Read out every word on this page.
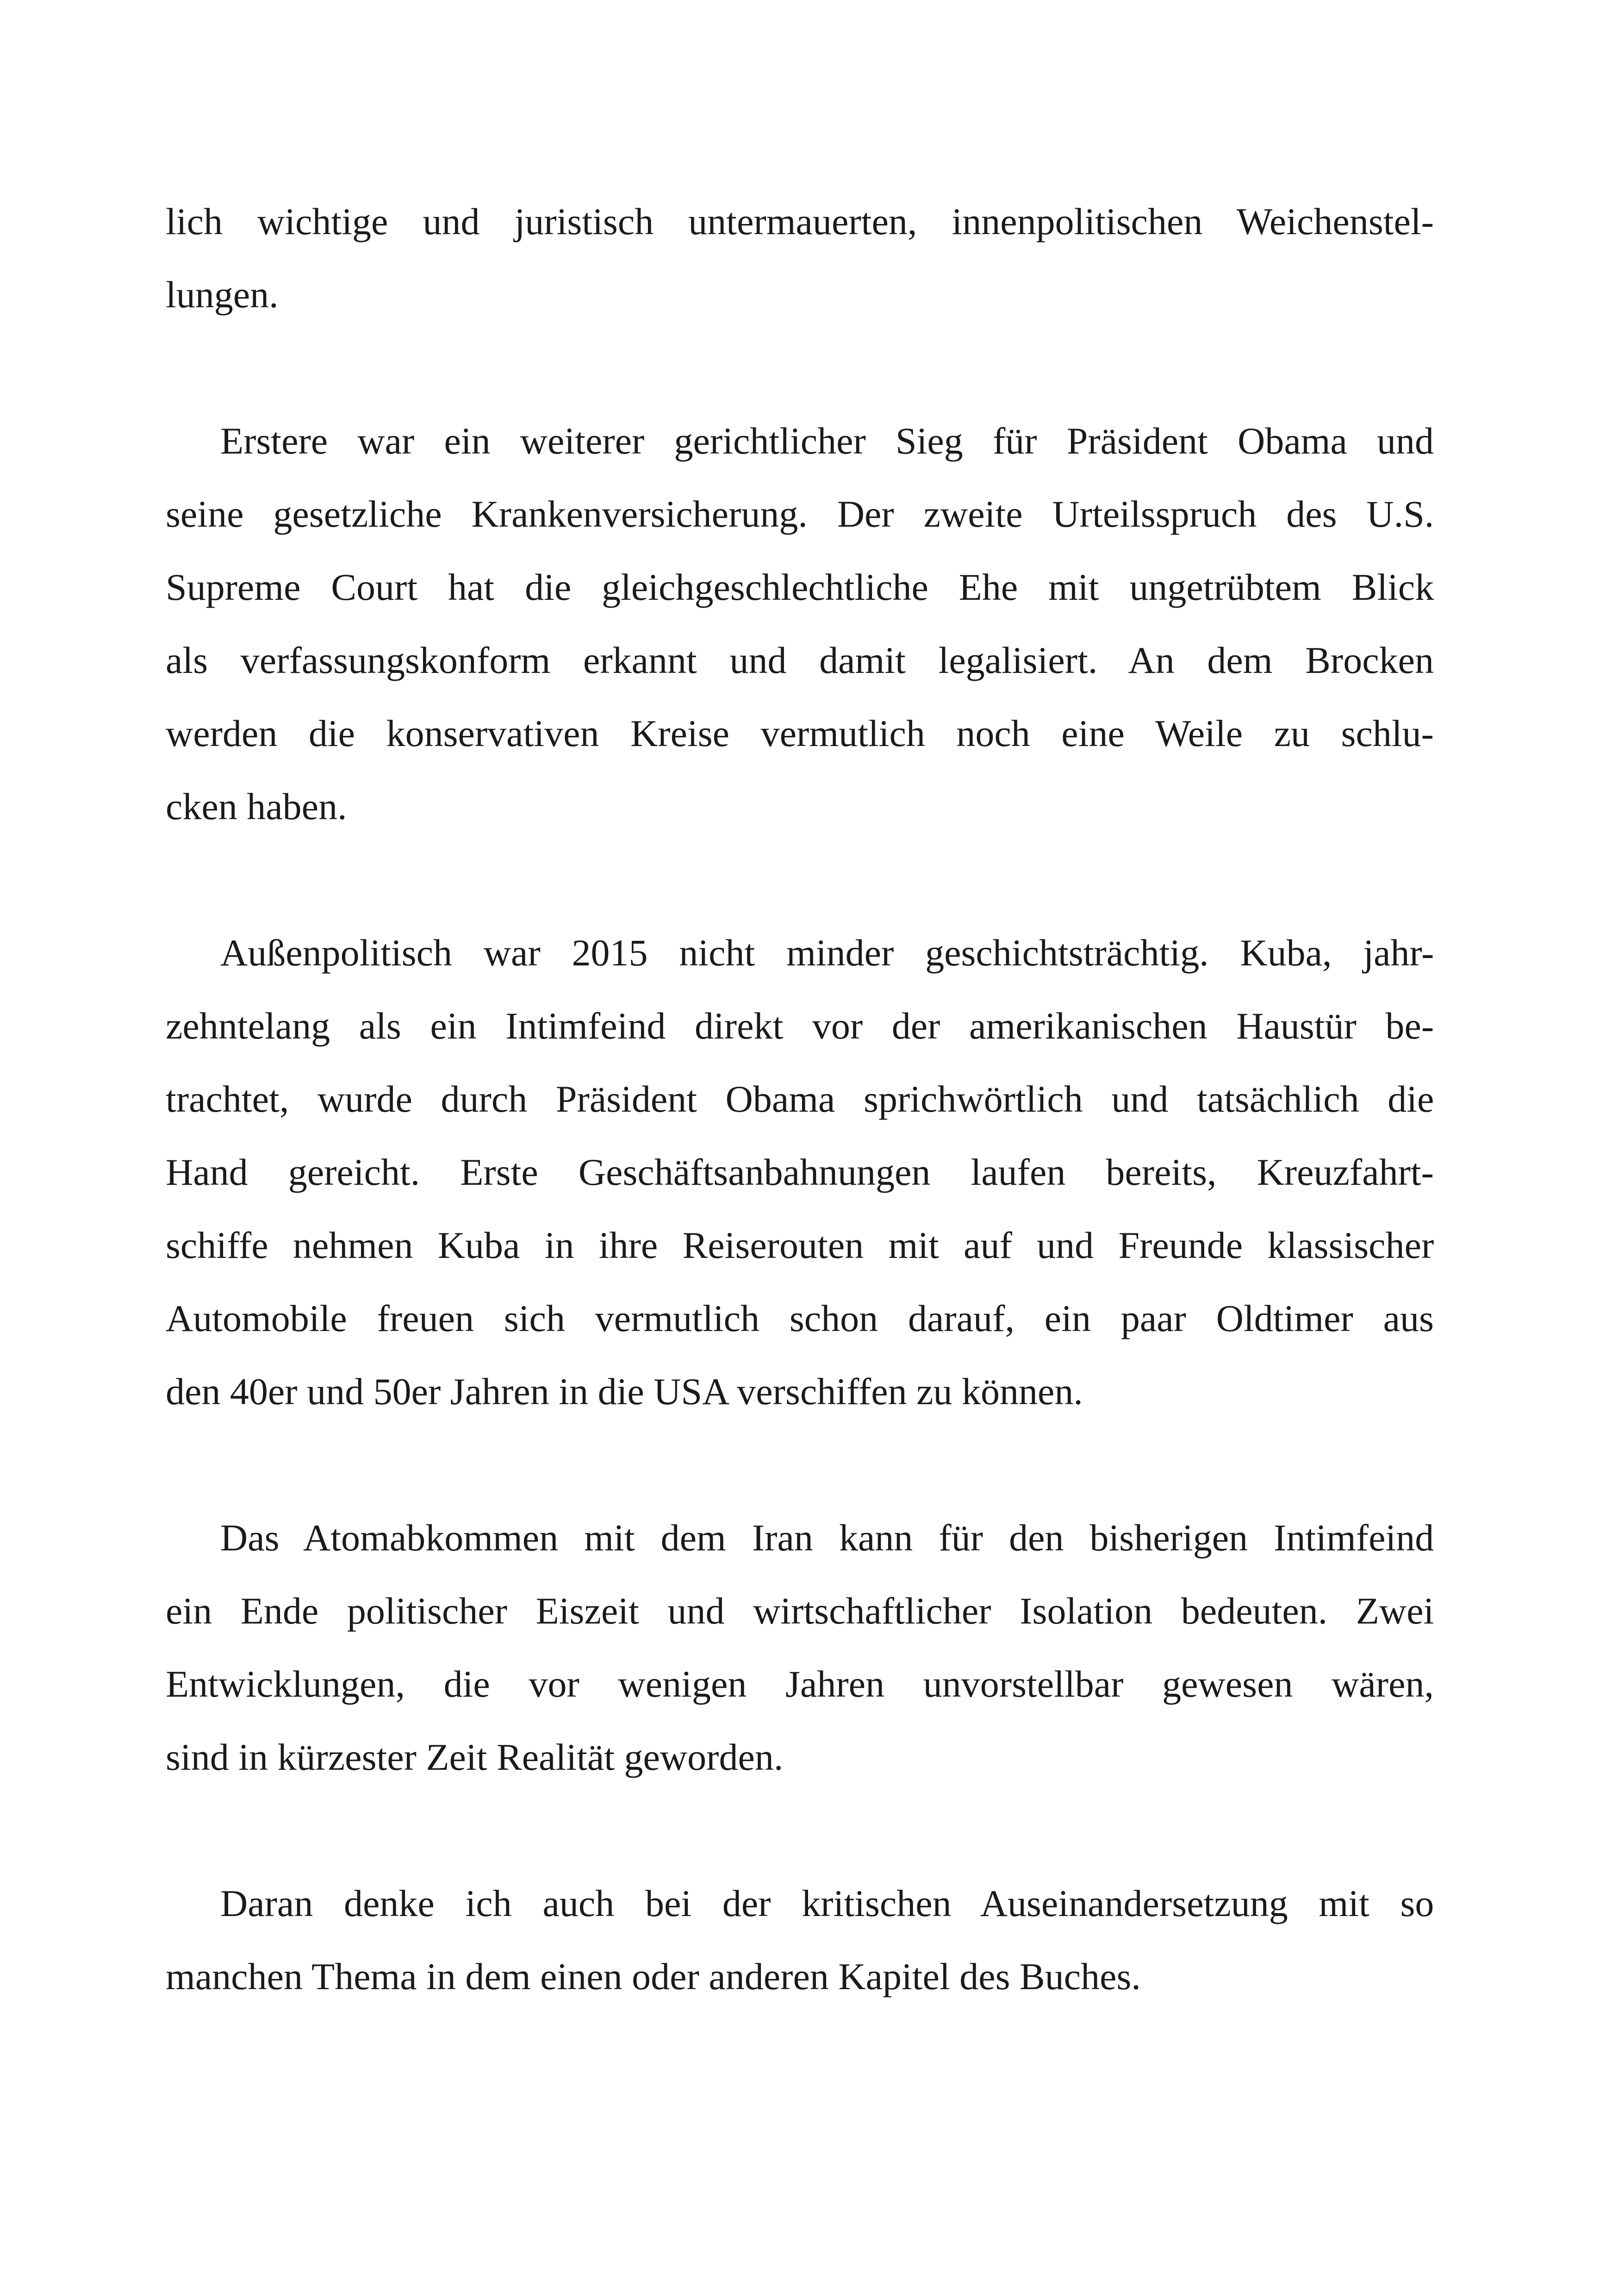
lich wichtige und juristisch untermauerten, innenpolitischen Weichenstel-
lungen.
Erstere war ein weiterer gerichtlicher Sieg für Präsident Obama und
seine gesetzliche Krankenversicherung. Der zweite Urteilsspruch des U.S.
Supreme Court hat die gleichgeschlechtliche Ehe mit ungetrübtem Blick
als verfassungskonform erkannt und damit legalisiert. An dem Brocken
werden die konservativen Kreise vermutlich noch eine Weile zu schlu-
cken haben.
Außenpolitisch war 2015 nicht minder geschichtsträchtig. Kuba, jahr-
zehntelang als ein Intimfeind direkt vor der amerikanischen Haustür be-
trachtet, wurde durch Präsident Obama sprichwörtlich und tatsächlich die
Hand gereicht. Erste Geschäftsanbahnungen laufen bereits, Kreuzfahrt-
schiffe nehmen Kuba in ihre Reiserouten mit auf und Freunde klassischer
Automobile freuen sich vermutlich schon darauf, ein paar Oldtimer aus
den 40er und 50er Jahren in die USA verschiffen zu können.
Das Atomabkommen mit dem Iran kann für den bisherigen Intimfeind
ein Ende politischer Eiszeit und wirtschaftlicher Isolation bedeuten. Zwei
Entwicklungen, die vor wenigen Jahren unvorstellbar gewesen wären,
sind in kürzester Zeit Realität geworden.
Daran denke ich auch bei der kritischen Auseinandersetzung mit so
manchen Thema in dem einen oder anderen Kapitel des Buches.
